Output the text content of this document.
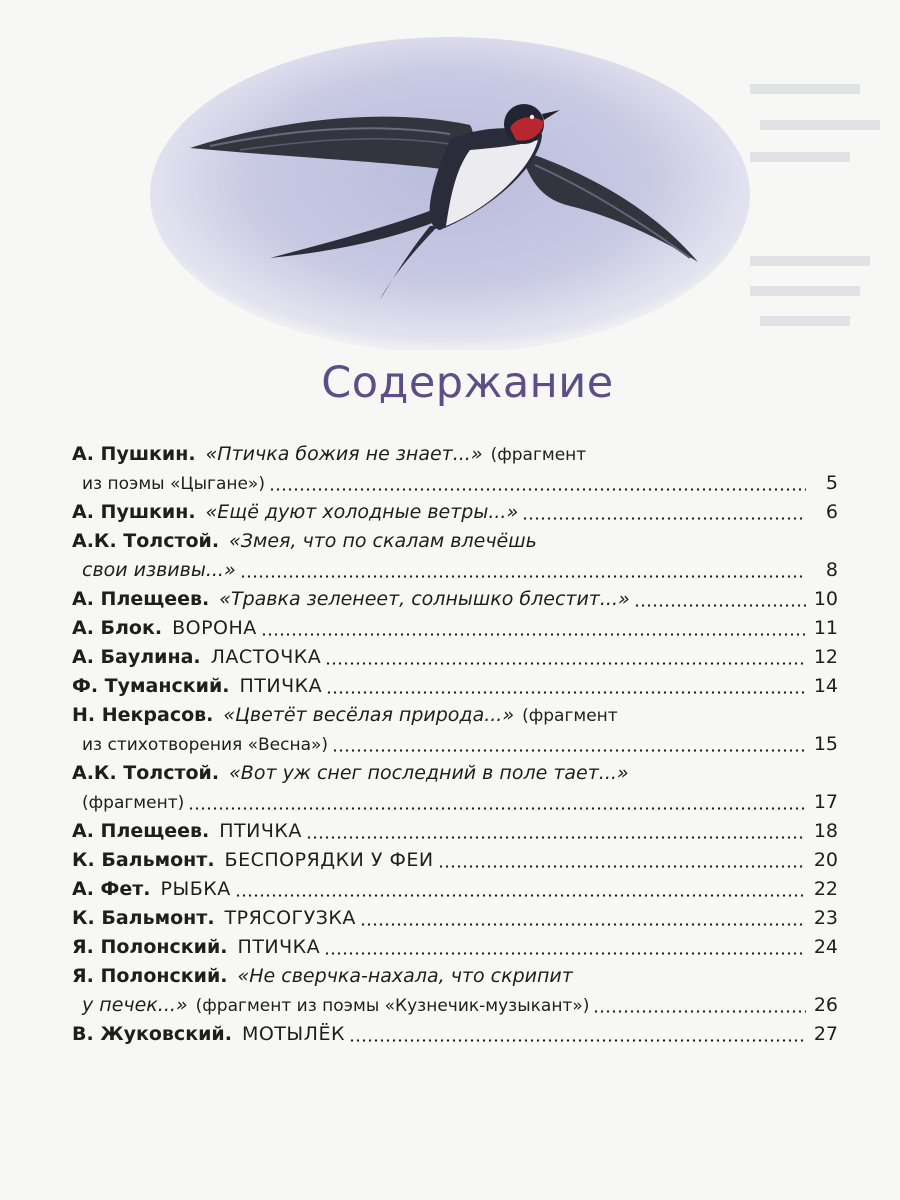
Содержание
А. Пушкин. «Птичка божия не знает...» (фрагмент
из поэмы «Цыгане»)	5
А. Пушкин. «Ещё дуют холодные ветры...»	6
А.К. Толстой. «Змея, что по скалам влечёшь
свои извивы...»	8
А. Плещеев. «Травка зеленеет, солнышко блестит...»	10
А. Блок. ВОРОНА	11
А. Баулина. ЛАСТОЧКА	12
Ф. Туманский. ПТИЧКА	14
Н. Некрасов. «Цветёт весёлая природа...» (фрагмент
из стихотворения «Весна»)	15
А.К. Толстой. «Вот уж снег последний в поле тает...»
(фрагмент)	17
А. Плещеев. ПТИЧКА	18
К. Бальмонт. БЕСПОРЯДКИ У ФЕИ	20
А. Фет. РЫБКА	22
К. Бальмонт. ТРЯСОГУЗКА	23
Я. Полонский. ПТИЧКА	24
Я. Полонский. «Не сверчка-нахала, что скрипит
у печек...» (фрагмент из поэмы «Кузнечик-музыкант»)	26
В. Жуковский. МОТЫЛЁК	27
